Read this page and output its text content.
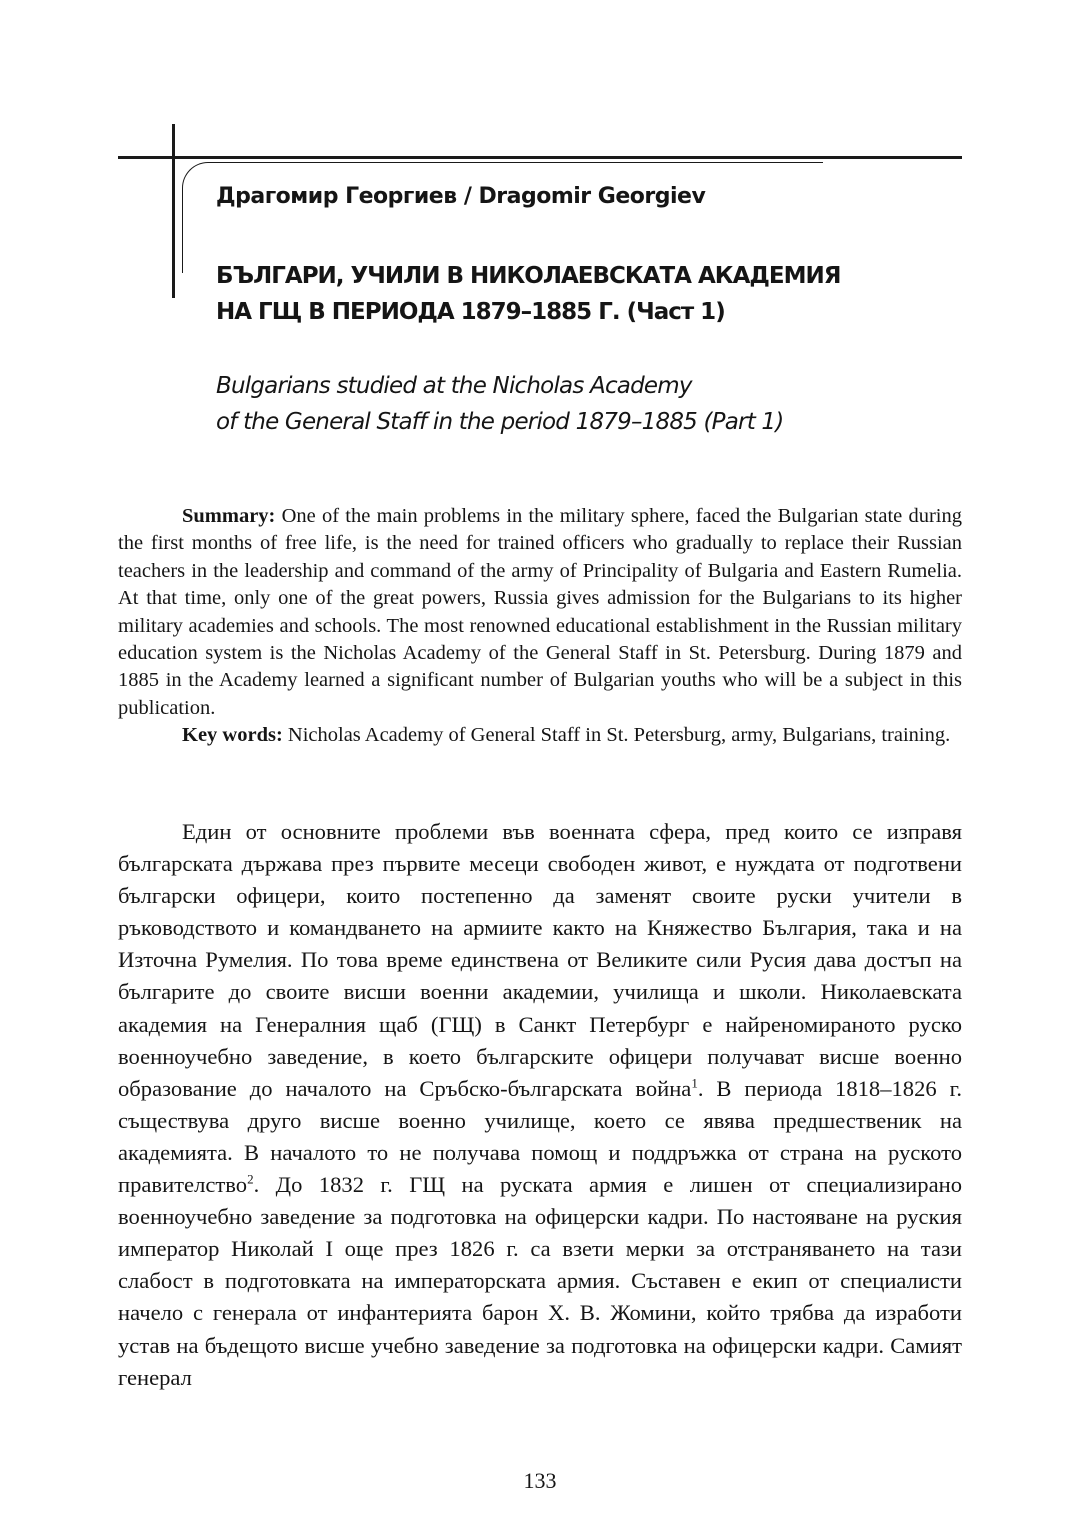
Драгомир Георгиев / Dragomir Georgiev
БЪЛГАРИ, УЧИЛИ В НИКОЛАЕВСКАТА АКАДЕМИЯ
НА ГЩ В ПЕРИОДА 1879–1885 Г. (Част 1)
Bulgarians studied at the Nicholas Academy
of the General Staff in the period 1879–1885 (Part 1)

Summary: One of the main problems in the military sphere, faced the Bulgarian state during the first months of free life, is the need for trained officers who gradually to replace their Russian teachers in the leadership and command of the army of Principality of Bulgaria and Eastern Rumelia. At that time, only one of the great powers, Russia gives admission for the Bulgarians to its higher military academies and schools. The most renowned educational establishment in the Russian military education system is the Nicholas Academy of the General Staff in St. Petersburg. During 1879 and 1885 in the Academy learned a significant number of Bulgarian youths who will be a subject in this publication.

Key words: Nicholas Academy of General Staff in St. Petersburg, army, Bulgarians, training.

Един от основните проблеми във военната сфера, пред които се изправя българската държава през първите месеци свободен живот, е нуждата от подготвени български офицери, които постепенно да заменят своите руски учители в ръководството и командването на армиите както на Княжество България, така и на Източна Румелия. По това време единствена от Великите сили Русия дава достъп на българите до своите висши военни академии, училища и школи. Николаевската академия на Генералния щаб (ГЩ) в Санкт Петербург е найреномираното руско военноучебно заведение, в което българските офицери получават висше военно образование до началото на Сръбско-българската война$^1$. В периода 1818–1826 г. съществува друго висше военно училище, което се явява предшественик на академията. В началото то не получава помощ и поддръжка от страна на руското правителство$^2$. До 1832 г. ГЩ на руската армия е лишен от специализирано военноучебно заведение за подготовка на офицерски кадри. По настояване на руския император Николай I още през 1826 г. са взети мерки за отстраняването на тази слабост в подготовката на императорската армия. Съставен е екип от специалисти начело с генерала от инфантерията барон Х. В. Жомини, който трябва да изработи устав на бъдещото висше учебно заведение за подготовка на офицерски кадри. Самият генерал

133
